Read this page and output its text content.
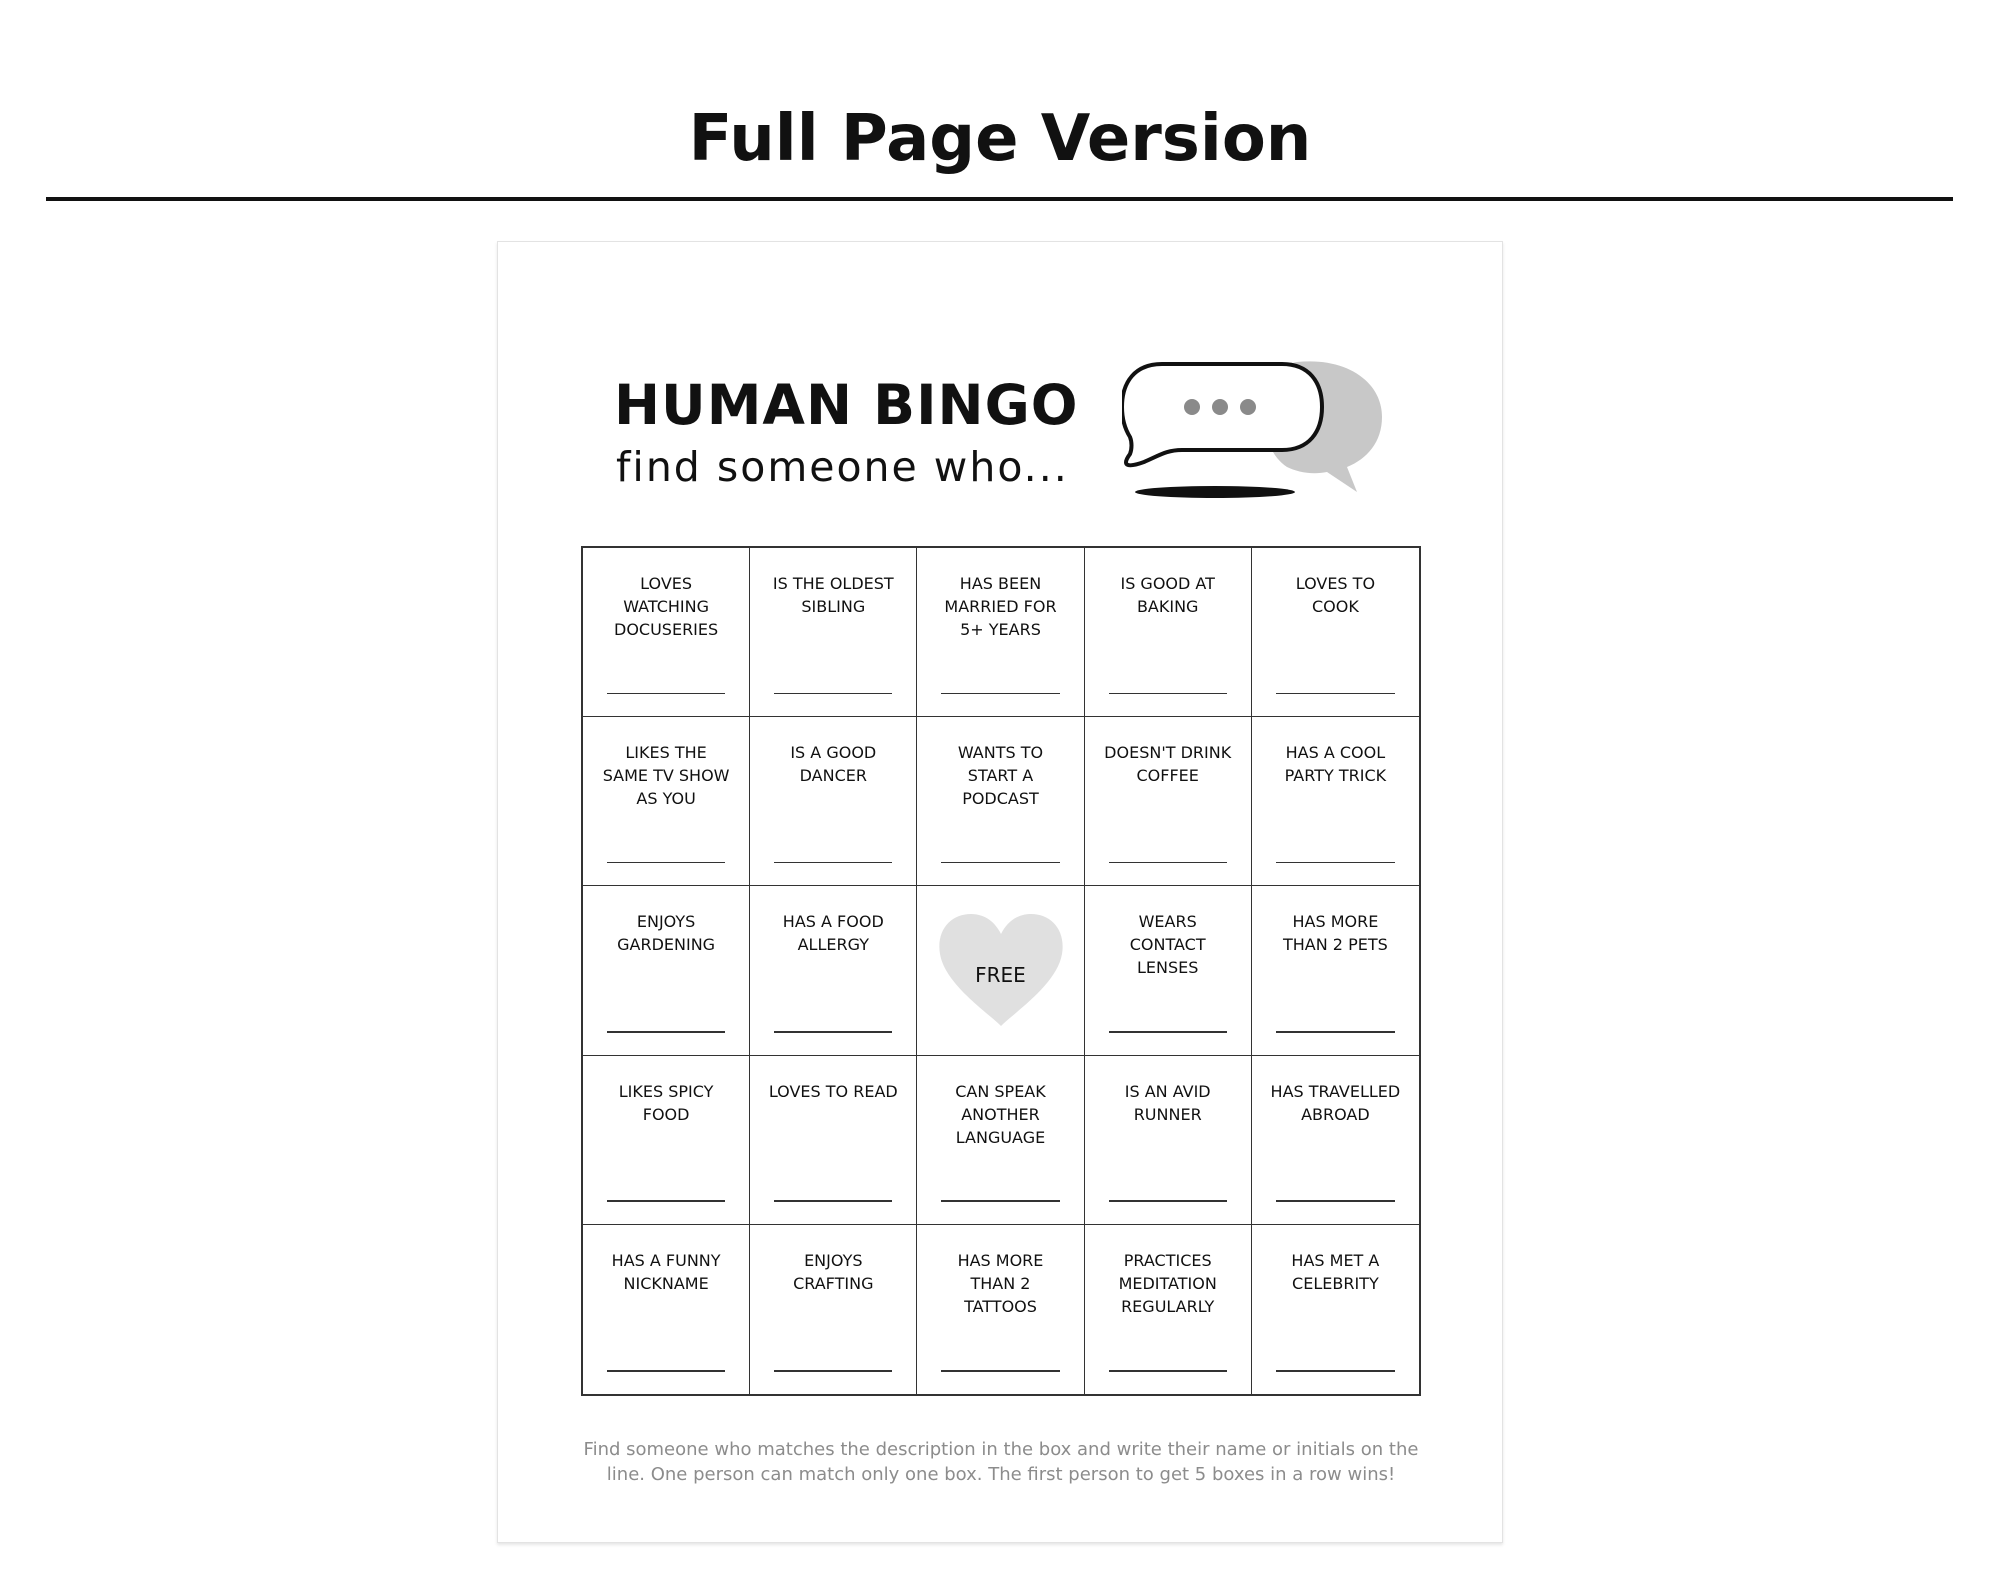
Full Page Version
HUMAN BINGO
find someone who...
LOVES
WATCHING
DOCUSERIES
IS THE OLDEST
SIBLING
HAS BEEN
MARRIED FOR
5+ YEARS
IS GOOD AT
BAKING
LOVES TO
COOK
LIKES THE
SAME TV SHOW
AS YOU
IS A GOOD
DANCER
WANTS TO
START A
PODCAST
DOESN'T DRINK
COFFEE
HAS A COOL
PARTY TRICK
ENJOYS
GARDENING
HAS A FOOD
ALLERGY
FREE
WEARS
CONTACT
LENSES
HAS MORE
THAN 2 PETS
LIKES SPICY
FOOD
LOVES TO READ	CAN SPEAK
ANOTHER
LANGUAGE
IS AN AVID
RUNNER
HAS TRAVELLED
ABROAD
HAS A FUNNY
NICKNAME
ENJOYS
CRAFTING
HAS MORE
THAN 2
TATTOOS
PRACTICES
MEDITATION
REGULARLY
HAS MET A
CELEBRITY
Find someone who matches the description in the box and write their name or initials on the line. One person can match only one box. The first person to get 5 boxes in a row wins!
